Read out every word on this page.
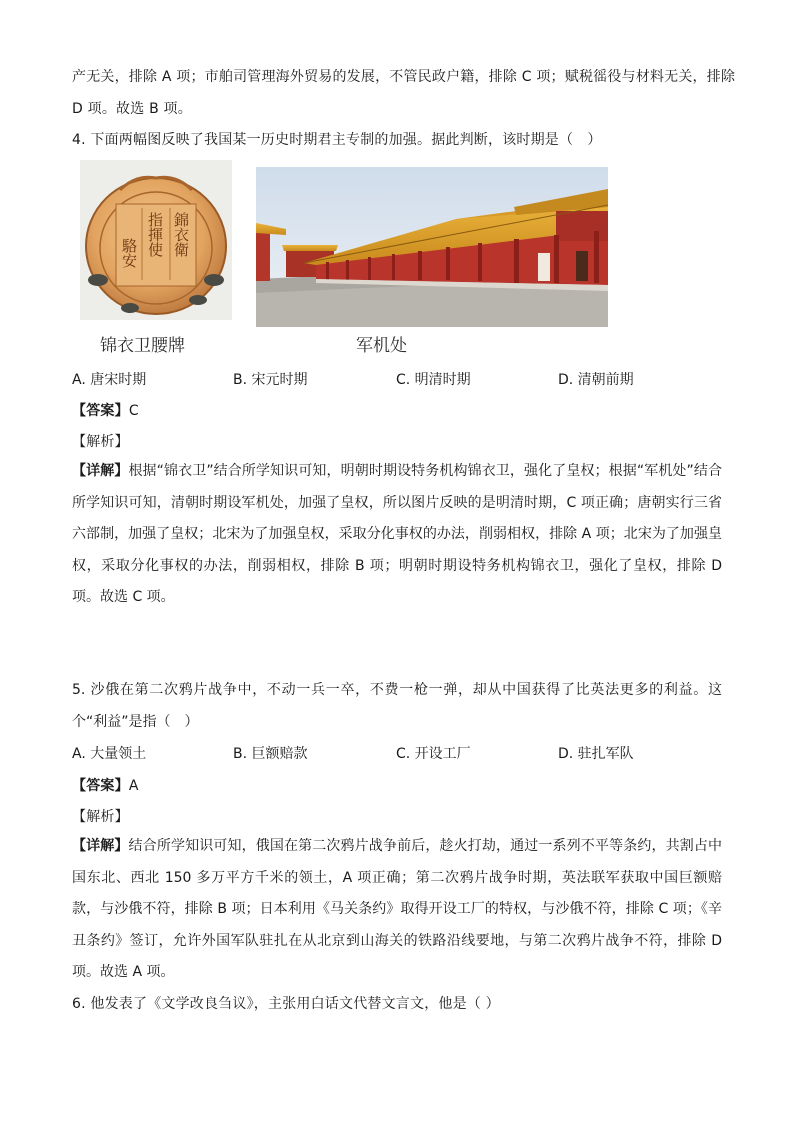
产无关，排除 A 项；市舶司管理海外贸易的发展，不管民政户籍，排除 C 项；赋税徭役与材料无关，排除
D 项。故选 B 项。
4. 下面两幅图反映了我国某一历史时期君主专制的加强。据此判断，该时期是（　）
錦衣衛
指揮使
駱安
锦衣卫腰牌	军机处
A. 唐宋时期	B. 宋元时期	C. 明清时期	D. 清朝前期
【答案】C
【解析】
【详解】根据“锦衣卫”结合所学知识可知，明朝时期设特务机构锦衣卫，强化了皇权；根据“军机处”结合所学知识可知，清朝时期设军机处，加强了皇权，所以图片反映的是明清时期，C 项正确；唐朝实行三省六部制，加强了皇权；北宋为了加强皇权，采取分化事权的办法，削弱相权，排除 A 项；北宋为了加强皇权，采取分化事权的办法，削弱相权，排除 B 项；明朝时期设特务机构锦衣卫，强化了皇权，排除 D 项。故选 C 项。
5. 沙俄在第二次鸦片战争中，不动一兵一卒，不费一枪一弹，却从中国获得了比英法更多的利益。这个“利益”是指（　）
A. 大量领土	B. 巨额赔款	C. 开设工厂	D. 驻扎军队
【答案】A
【解析】
【详解】结合所学知识可知，俄国在第二次鸦片战争前后，趁火打劫，通过一系列不平等条约，共割占中国东北、西北 150 多万平方千米的领土，A 项正确；第二次鸦片战争时期，英法联军获取中国巨额赔款，与沙俄不符，排除 B 项；日本利用《马关条约》取得开设工厂的特权，与沙俄不符，排除 C 项；《辛丑条约》签订，允许外国军队驻扎在从北京到山海关的铁路沿线要地，与第二次鸦片战争不符，排除 D 项。故选 A 项。
6. 他发表了《文学改良刍议》，主张用白话文代替文言文，他是（ ）
